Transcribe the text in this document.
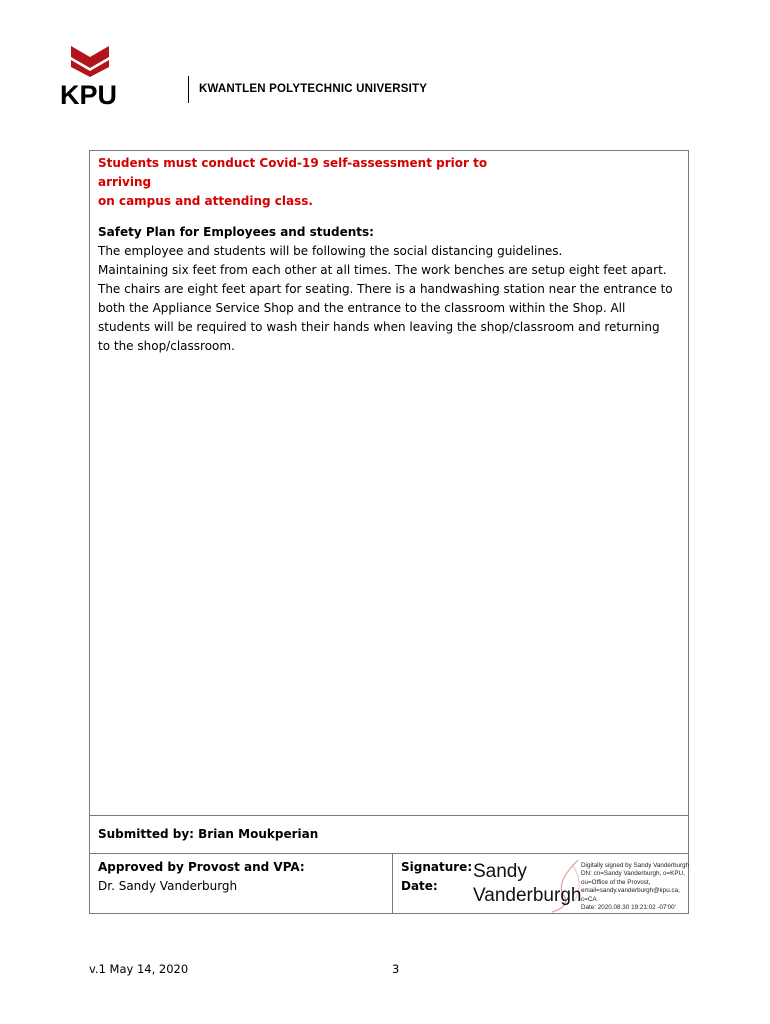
KPU	KWANTLEN POLYTECHNIC UNIVERSITY
Students must conduct Covid-19 self-assessment prior to arriving
on campus and attending class.
Safety Plan for Employees and students:
The employee and students will be following the social distancing guidelines.
Maintaining six feet from each other at all times. The work benches are setup eight feet apart.
The chairs are eight feet apart for seating. There is a handwashing station near the entrance to
both the Appliance Service Shop and the entrance to the classroom within the Shop. All
students will be required to wash their hands when leaving the shop/classroom and returning
to the shop/classroom.
Submitted by: Brian Moukperian
Approved by Provost and VPA:
Dr. Sandy Vanderburgh
Signature:
Date:
Sandy
Vanderburgh
Digitally signed by Sandy Vanderburgh
DN: cn=Sandy Vanderburgh, o=KPU,
ou=Office of the Provost,
email=sandy.vanderburgh@kpu.ca,
c=CA
Date: 2020.08.30 19:21:02 -07'00'
v.1 May 14, 2020	3
